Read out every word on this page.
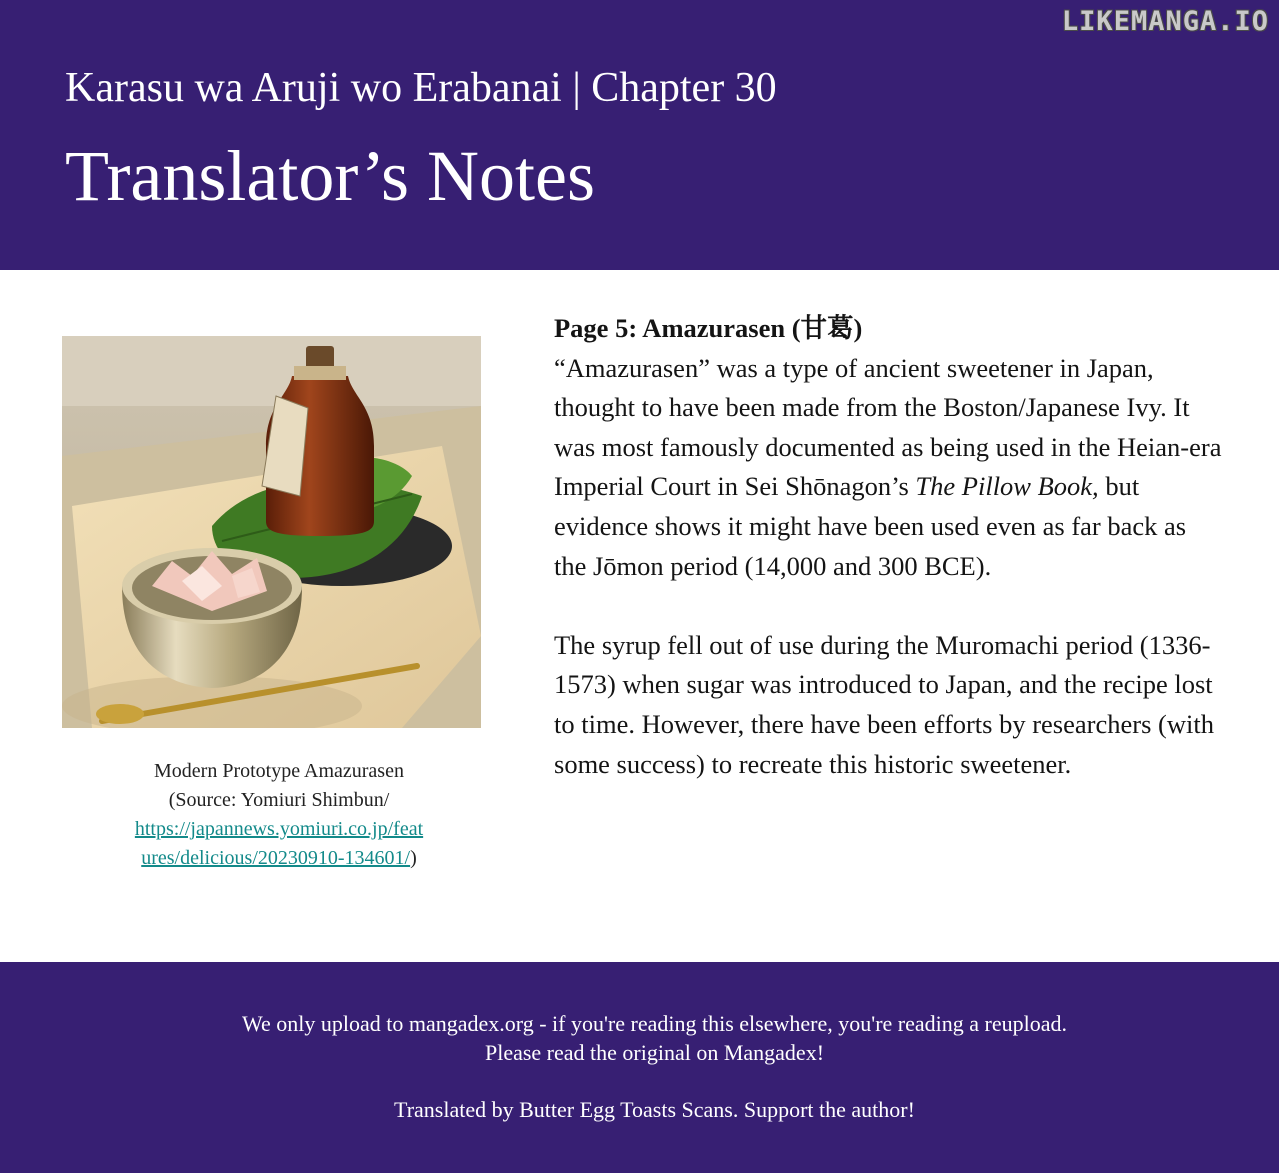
LIKEMANGA.IO
Karasu wa Aruji wo Erabanai | Chapter 30
Translator’s Notes
Modern Prototype Amazurasen
(Source: Yomiuri Shimbun/
https://japannews.yomiuri.co.jp/feat
ures/delicious/20230910-134601/)
Page 5: Amazurasen (甘葛)

“Amazurasen” was a type of ancient sweetener in Japan, thought to have been made from the Boston/Japanese Ivy. It was most famously documented as being used in the Heian-era Imperial Court in Sei Shōnagon’s The Pillow Book, but evidence shows it might have been used even as far back as the Jōmon period (14,000 and 300 BCE).

The syrup fell out of use during the Muromachi period (1336-1573) when sugar was introduced to Japan, and the recipe lost to time. However, there have been efforts by researchers (with some success) to recreate this historic sweetener.

We only upload to mangadex.org - if you're reading this elsewhere, you're reading a reupload.
Please read the original on Mangadex!
Translated by Butter Egg Toasts Scans. Support the author!
